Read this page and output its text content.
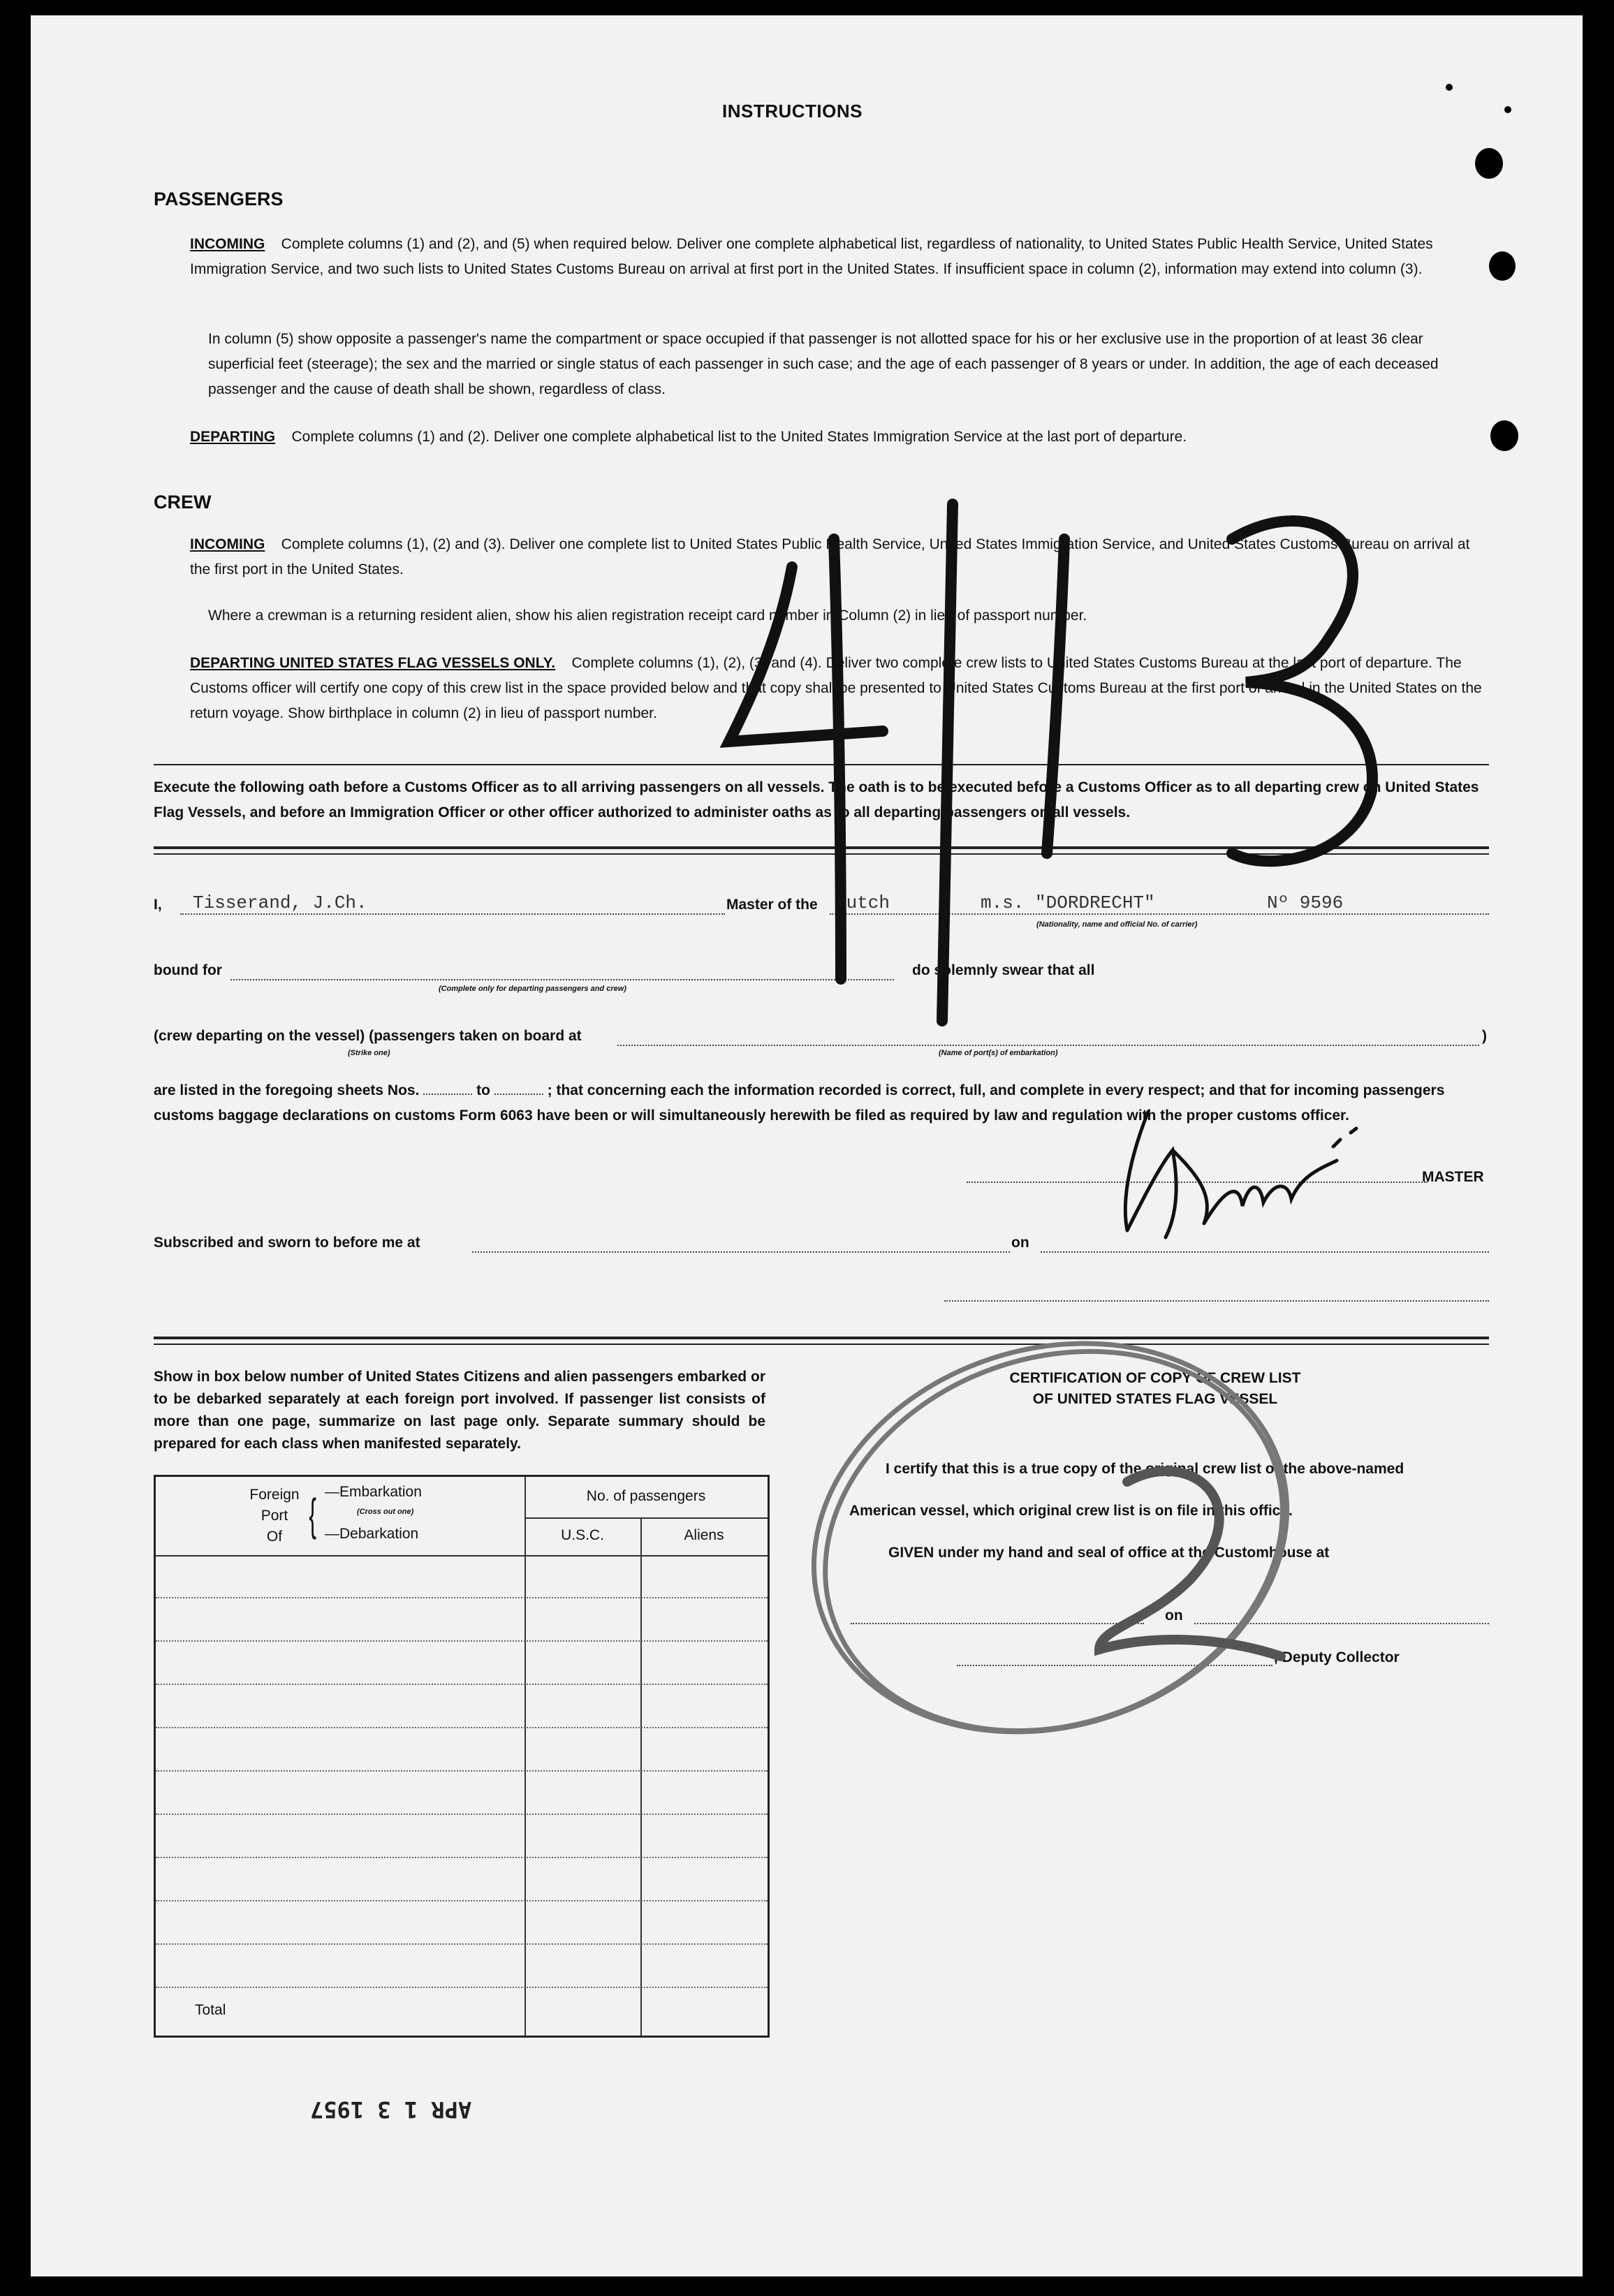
INSTRUCTIONS
PASSENGERS
INCOMING Complete columns (1) and (2), and (5) when required below. Deliver one complete alphabetical list, regardless of nationality, to United States Public Health Service, United States Immigration Service, and two such lists to United States Customs Bureau on arrival at first port in the United States. If insufficient space in column (2), information may extend into column (3).
In column (5) show opposite a passenger's name the compartment or space occupied if that passenger is not allotted space for his or her exclusive use in the proportion of at least 36 clear superficial feet (steerage); the sex and the married or single status of each passenger in such case; and the age of each passenger of 8 years or under. In addition, the age of each deceased passenger and the cause of death shall be shown, regardless of class.
DEPARTING Complete columns (1) and (2). Deliver one complete alphabetical list to the United States Immigration Service at the last port of departure.
CREW
INCOMING Complete columns (1), (2) and (3). Deliver one complete list to United States Public Health Service, United States Immigration Service, and United States Customs Bureau on arrival at the first port in the United States.
Where a crewman is a returning resident alien, show his alien registration receipt card number in Column (2) in lieu of passport number.
DEPARTING UNITED STATES FLAG VESSELS ONLY. Complete columns (1), (2), (3) and (4). Deliver two complete crew lists to United States Customs Bureau at the last port of departure. The Customs officer will certify one copy of this crew list in the space provided below and that copy shall be presented to United States Customs Bureau at the first port of arrival in the United States on the return voyage. Show birthplace in column (2) in lieu of passport number.
Execute the following oath before a Customs Officer as to all arriving passengers on all vessels. The oath is to be executed before a Customs Officer as to all departing crew on United States Flag Vessels, and before an Immigration Officer or other officer authorized to administer oaths as to all departing passengers on all vessels.
I, Tisserand, J.Ch.	Master of the Dutch	m.s. "DORDRECHT"	Nº 9596
(Nationality, name and official No. of carrier)
bound for
(Complete only for departing passengers and crew)
do solemnly swear that all
(crew departing on the vessel) (passengers taken on board at	)
(Strike one)	(Name of port(s) of embarkation)
are listed in the foregoing sheets Nos.	to	; that concerning each the information recorded is correct, full, and complete in every respect; and that for incoming passengers customs baggage declarations on customs Form 6063 have been or will simultaneously herewith be filed as required by law and regulation with the proper customs officer.
MASTER
Subscribed and sworn to before me at	on
Show in box below number of United States Citizens and alien passengers embarked or to be debarked separately at each foreign port involved. If passenger list consists of more than one page, summarize on last page only. Separate summary should be prepared for each class when manifested separately.
Foreign
Port
Of { —Embarkation
(Cross out one)
—Debarkation
No. of passengers
U.S.C.	Aliens
Total
CERTIFICATION OF COPY OF CREW LIST
OF UNITED STATES FLAG VESSEL
I certify that this is a true copy of the original crew list of the above-named
American vessel, which original crew list is on file in this office.
GIVEN under my hand and seal of office at the Customhouse at
on
, Deputy Collector
APR 1 3 1957
